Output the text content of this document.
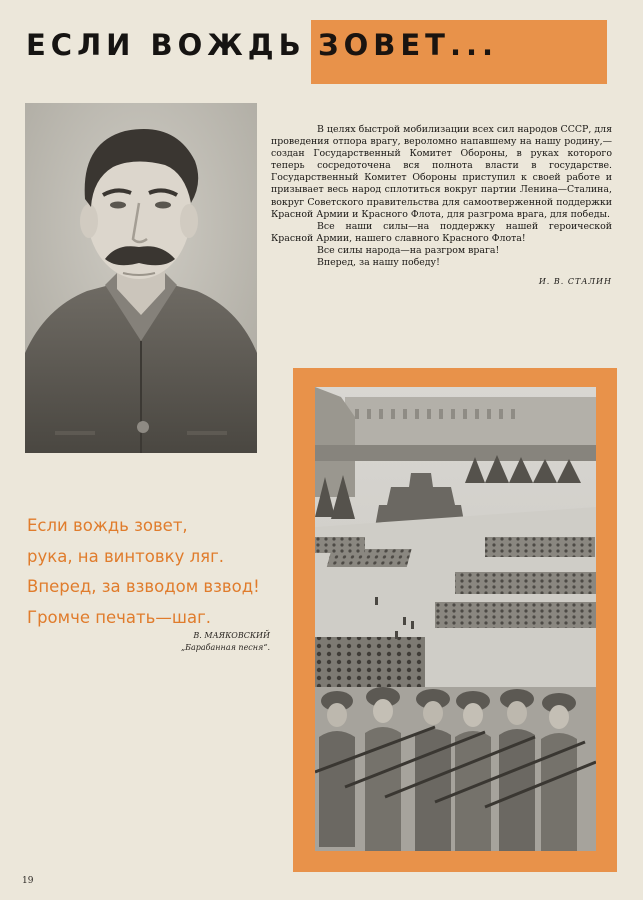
ЕСЛИ ВОЖДЬ ЗОВЕТ...

В целях быстрой мобилизации всех сил народов СССР, для проведения отпора врагу, вероломно напавшему на нашу родину,—создан Государственный Комитет Обороны, в руках которого теперь сосредоточена вся полнота власти в государстве. Государственный Комитет Обороны приступил к своей работе и призывает весь народ сплотиться вокруг партии Ленина—Сталина, вокруг Советского правительства для самоотверженной поддержки Красной Армии и Красного Флота, для разгрома врага, для победы.

Все наши силы—на поддержку нашей героической Красной Армии, нашего славного Красного Флота!

Все силы народа—на разгром врага!

Вперед, за нашу победу!

И. В. СТАЛИН

Если вождь зовет,
рука, на винтовку ляг.
Вперед, за взводом взвод!
Громче печать—шаг.
В. МАЯКОВСКИЙ
„Барабанная песня“.
19
